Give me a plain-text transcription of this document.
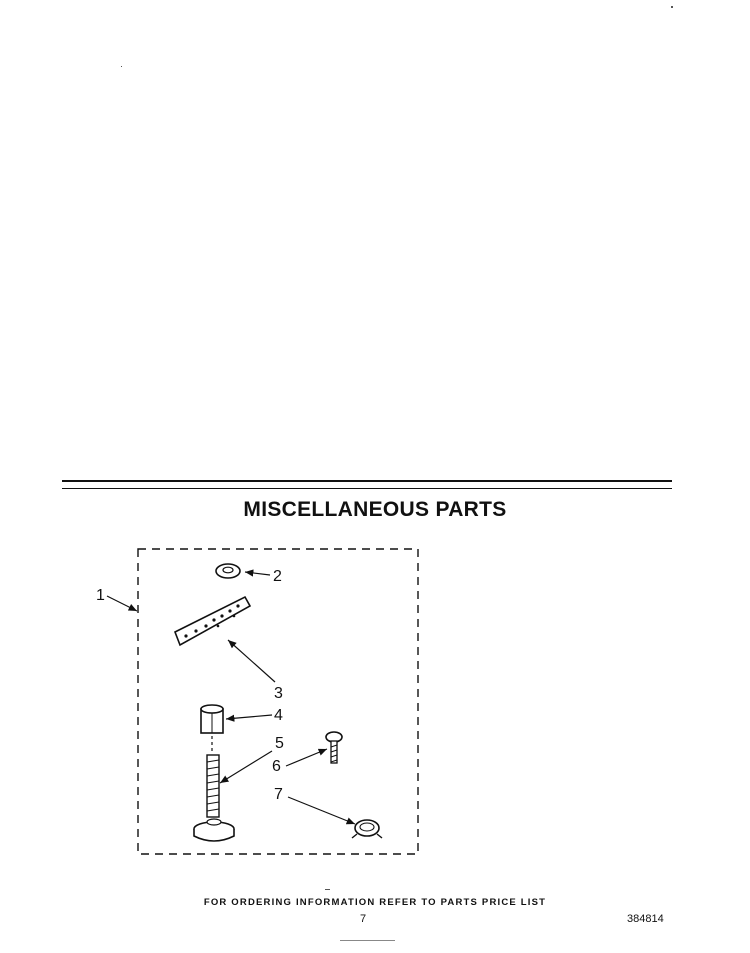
MISCELLANEOUS PARTS
1
2
3
4
5
6
7
FOR ORDERING INFORMATION REFER TO PARTS PRICE LIST
7	384814
